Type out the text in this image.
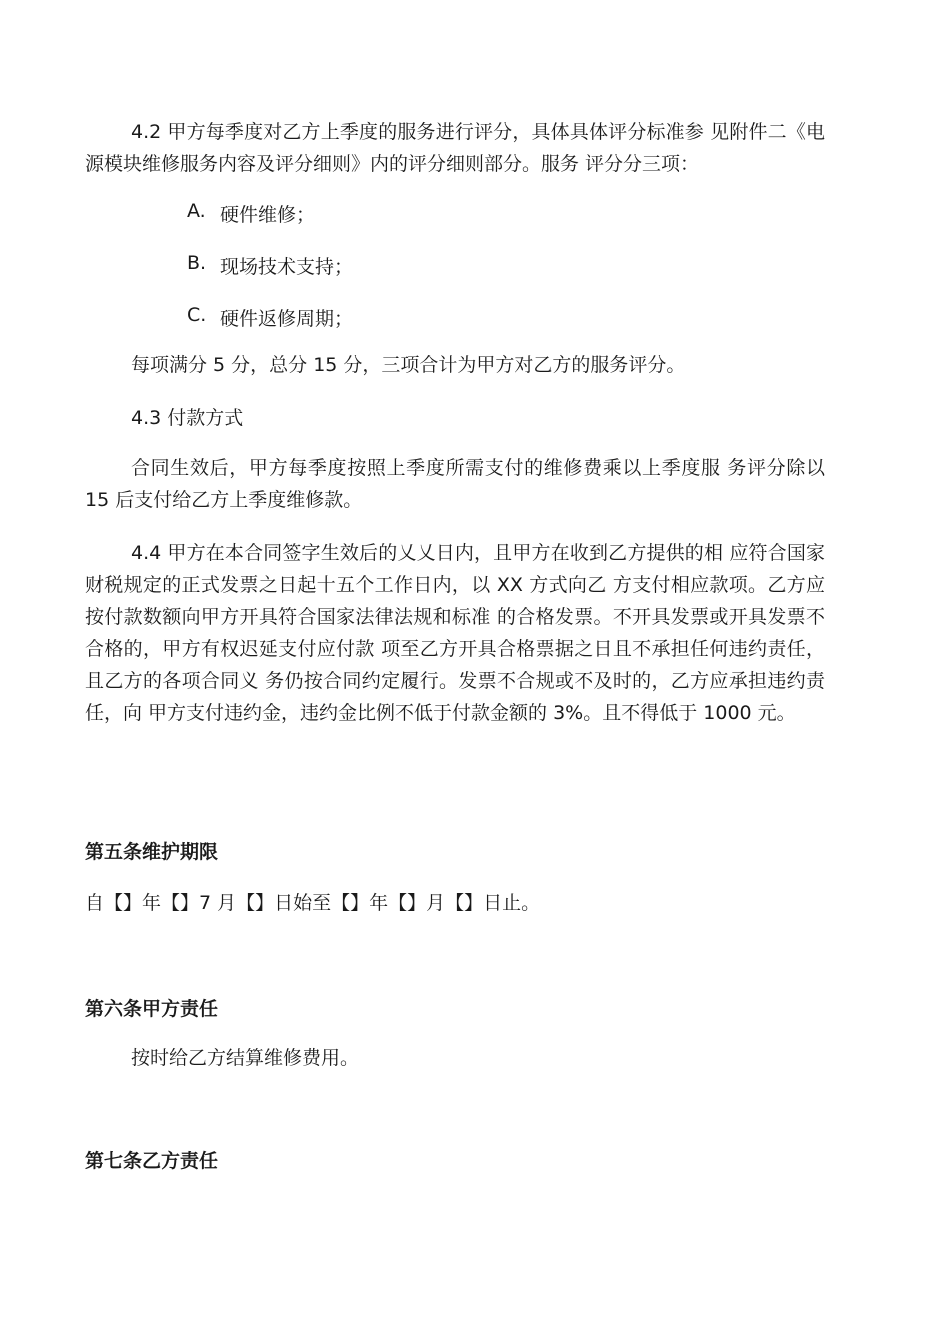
4.2 甲方每季度对乙方上季度的服务进行评分，具体具体评分标准参 见附件二《电源模块维修服务内容及评分细则》内的评分细则部分。服务 评分分三项：

A. 硬件维修；
B. 现场技术支持；
C. 硬件返修周期；

每项满分 5 分，总分 15 分，三项合计为甲方对乙方的服务评分。

4.3 付款方式

合同生效后，甲方每季度按照上季度所需支付的维修费乘以上季度服 务评分除以 15 后支付给乙方上季度维修款。

4.4 甲方在本合同签字生效后的乂乂日内，且甲方在收到乙方提供的相 应符合国家财税规定的正式发票之日起十五个工作日内，以 XX 方式向乙 方支付相应款项。乙方应按付款数额向甲方开具符合国家法律法规和标准 的合格发票。不开具发票或开具发票不合格的，甲方有权迟延支付应付款 项至乙方开具合格票据之日且不承担任何违约责任，且乙方的各项合同义 务仍按合同约定履行。发票不合规或不及时的，乙方应承担违约责任，向 甲方支付违约金，违约金比例不低于付款金额的 3%。且不得低于 1000 元。

第五条维护期限

自【】年【】7 月【】日始至【】年【】月【】日止。

第六条甲方责任

按时给乙方结算维修费用。

第七条乙方责任
